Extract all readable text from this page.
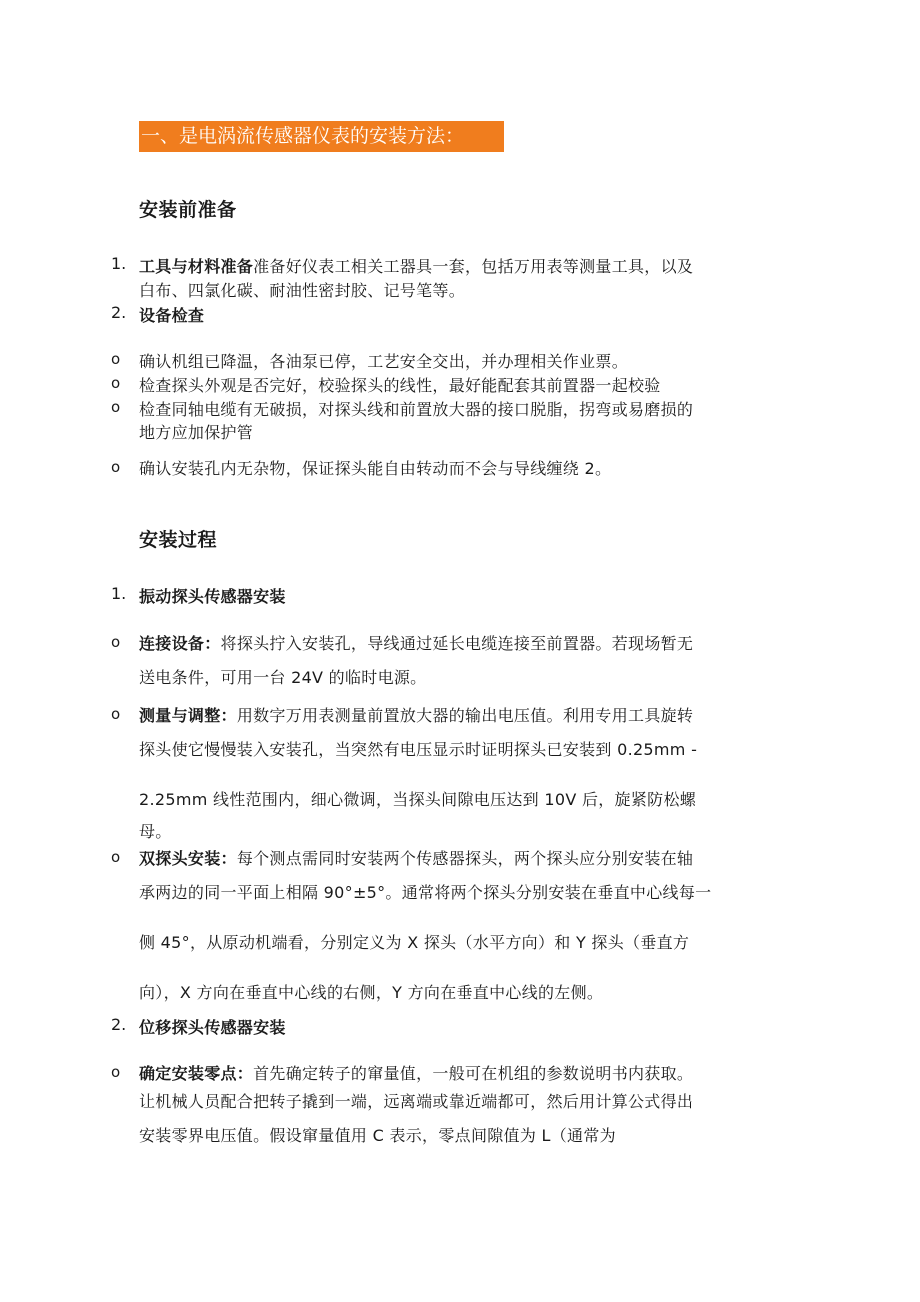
一、是电涡流传感器仪表的安装方法：
安装前准备
1. 工具与材料准备准备好仪表工相关工器具一套，包括万用表等测量工具，以及
白布、四氯化碳、耐油性密封胶、记号笔等。
2. 设备检查
o 确认机组已降温，各油泵已停，工艺安全交出，并办理相关作业票。
o 检查探头外观是否完好，校验探头的线性，最好能配套其前置器一起校验
o 检查同轴电缆有无破损，对探头线和前置放大器的接口脱脂，拐弯或易磨损的
地方应加保护管
o 确认安装孔内无杂物，保证探头能自由转动而不会与导线缠绕 2。
安装过程
1. 振动探头传感器安装
o 连接设备：将探头拧入安装孔，导线通过延长电缆连接至前置器。若现场暂无
送电条件，可用一台 24V 的临时电源。
o 测量与调整：用数字万用表测量前置放大器的输出电压值。利用专用工具旋转
探头使它慢慢装入安装孔，当突然有电压显示时证明探头已安装到 0.25mm -
2.25mm 线性范围内，细心微调，当探头间隙电压达到 10V 后，旋紧防松螺
母。
o 双探头安装：每个测点需同时安装两个传感器探头，两个探头应分别安装在轴
承两边的同一平面上相隔 90°±5°。通常将两个探头分别安装在垂直中心线每一
侧 45°，从原动机端看，分别定义为 X 探头（水平方向）和 Y 探头（垂直方
向），X 方向在垂直中心线的右侧，Y 方向在垂直中心线的左侧。
2. 位移探头传感器安装
o 确定安装零点：首先确定转子的窜量值，一般可在机组的参数说明书内获取。
让机械人员配合把转子撬到一端，远离端或靠近端都可，然后用计算公式得出
安装零界电压值。假设窜量值用 C 表示，零点间隙值为 L（通常为
